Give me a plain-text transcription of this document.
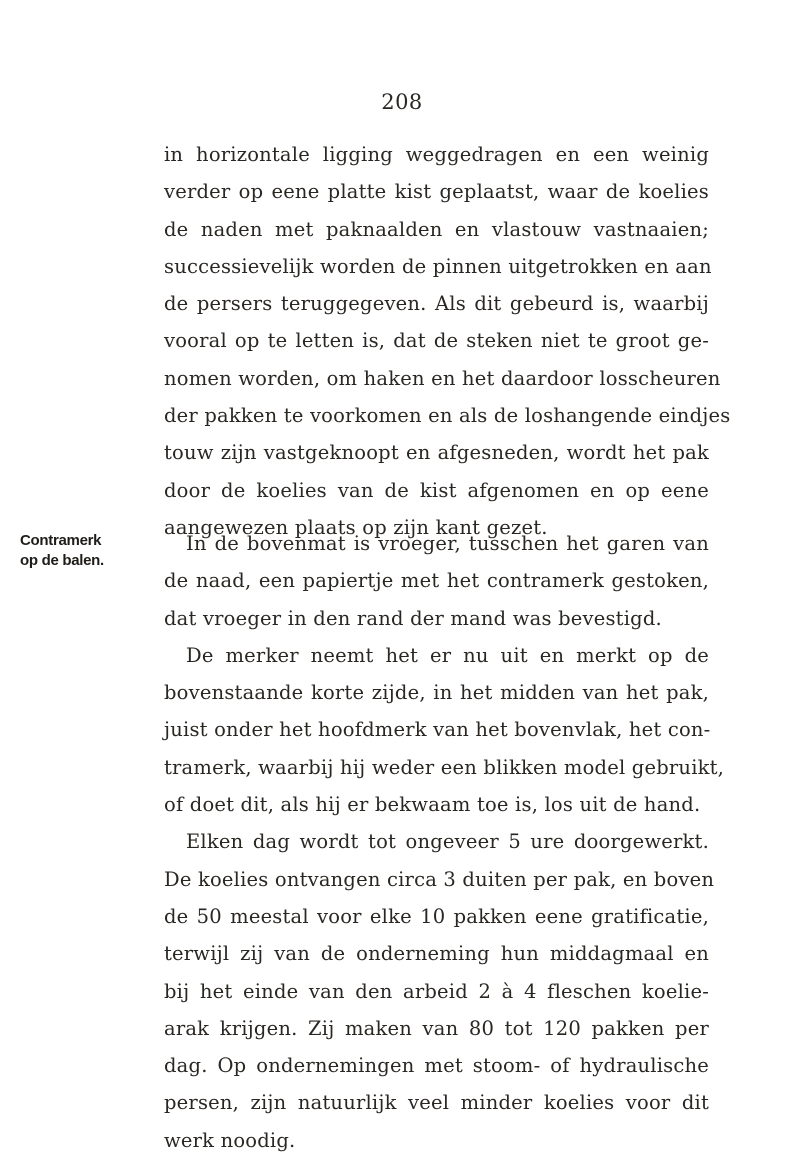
208
Contramerk
op de balen.
in horizontale ligging weggedragen en een weinig
verder op eene platte kist geplaatst, waar de koelies
de naden met paknaalden en vlastouw vastnaaien;
successievelijk worden de pinnen uitgetrokken en aan
de persers teruggegeven. Als dit gebeurd is, waarbij
vooral op te letten is, dat de steken niet te groot ge-
nomen worden, om haken en het daardoor losscheuren
der pakken te voorkomen en als de loshangende eindjes
touw zijn vastgeknoopt en afgesneden, wordt het pak
door de koelies van de kist afgenomen en op eene
aangewezen plaats op zijn kant gezet.
In de bovenmat is vroeger, tusschen het garen van
de naad, een papiertje met het contramerk gestoken,
dat vroeger in den rand der mand was bevestigd.
De merker neemt het er nu uit en merkt op de
bovenstaande korte zijde, in het midden van het pak,
juist onder het hoofdmerk van het bovenvlak, het con-
tramerk, waarbij hij weder een blikken model gebruikt,
of doet dit, als hij er bekwaam toe is, los uit de hand.
Elken dag wordt tot ongeveer 5 ure doorgewerkt.
De koelies ontvangen circa 3 duiten per pak, en boven
de 50 meestal voor elke 10 pakken eene gratificatie,
terwijl zij van de onderneming hun middagmaal en
bij het einde van den arbeid 2 à 4 fleschen koelie-
arak krijgen. Zij maken van 80 tot 120 pakken per
dag. Op ondernemingen met stoom- of hydraulische
persen, zijn natuurlijk veel minder koelies voor dit
werk noodig.
